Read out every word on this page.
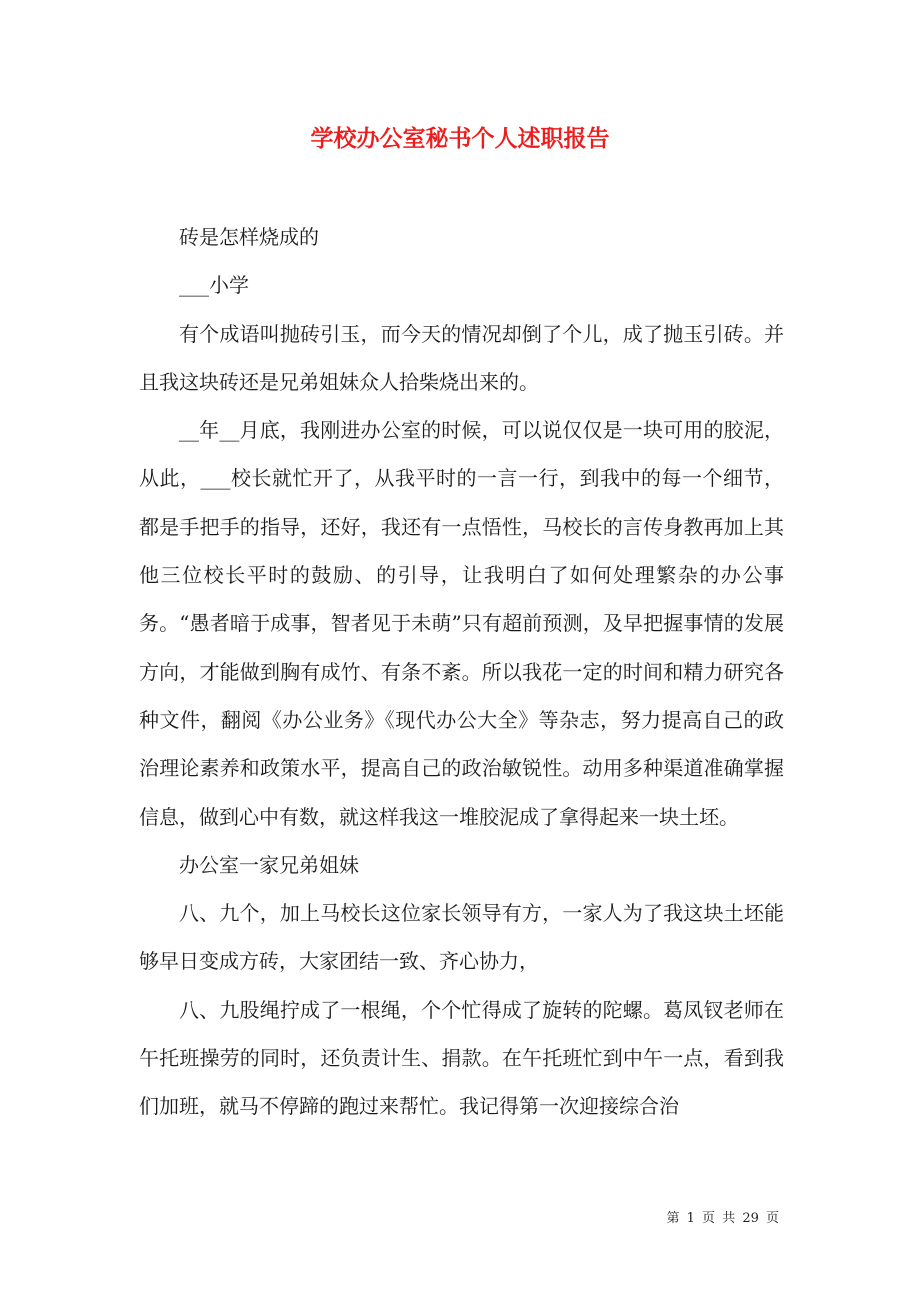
学校办公室秘书个人述职报告

砖是怎样烧成的

___小学

有个成语叫抛砖引玉，而今天的情况却倒了个儿，成了抛玉引砖。并且我这块砖还是兄弟姐妹众人拾柴烧出来的。

__年__月底，我刚进办公室的时候，可以说仅仅是一块可用的胶泥，从此，___校长就忙开了，从我平时的一言一行，到我中的每一个细节，都是手把手的指导，还好，我还有一点悟性，马校长的言传身教再加上其他三位校长平时的鼓励、的引导，让我明白了如何处理繁杂的办公事务。“愚者暗于成事，智者见于未萌”只有超前预测，及早把握事情的发展方向，才能做到胸有成竹、有条不紊。所以我花一定的时间和精力研究各种文件，翻阅《办公业务》《现代办公大全》等杂志，努力提高自己的政治理论素养和政策水平，提高自己的政治敏锐性。动用多种渠道准确掌握信息，做到心中有数，就这样我这一堆胶泥成了拿得起来一块土坯。

办公室一家兄弟姐妹

八、九个，加上马校长这位家长领导有方，一家人为了我这块土坯能够早日变成方砖，大家团结一致、齐心协力，

八、九股绳拧成了一根绳，个个忙得成了旋转的陀螺。葛凤钗老师在午托班操劳的同时，还负责计生、捐款。在午托班忙到中午一点，看到我们加班，就马不停蹄的跑过来帮忙。我记得第一次迎接综合治

第 1 页 共 29 页
